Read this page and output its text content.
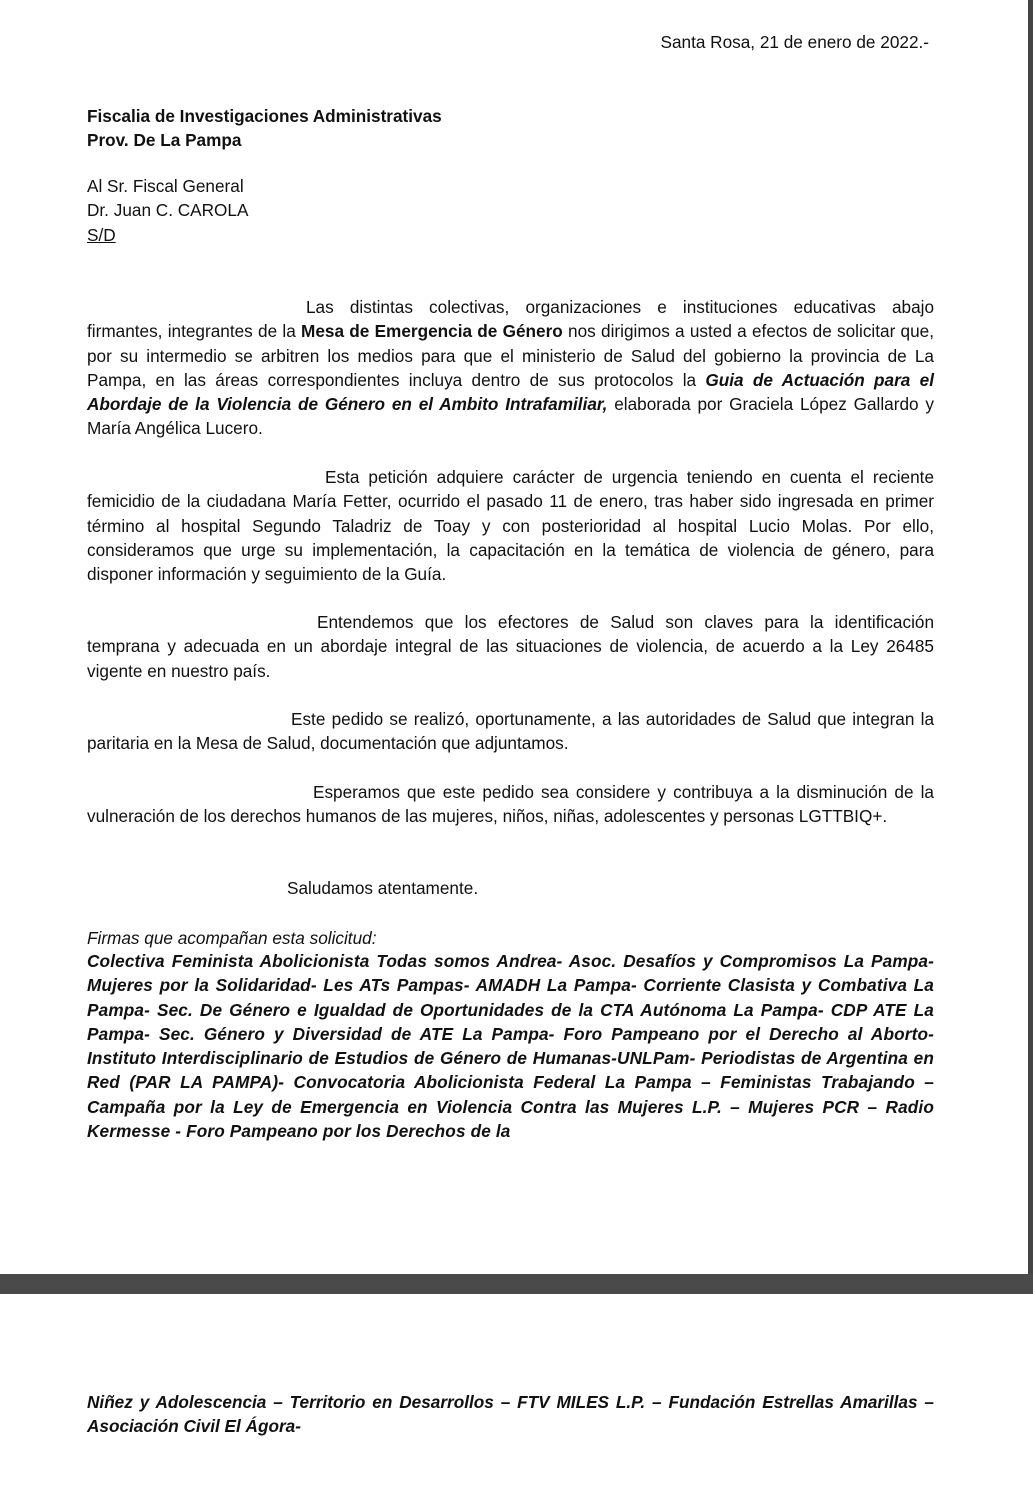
Santa Rosa, 21 de enero de 2022.-
Fiscalia de Investigaciones Administrativas
Prov. De La Pampa
Al Sr. Fiscal General
Dr. Juan C. CAROLA
S/D

Las distintas colectivas, organizaciones e instituciones educativas abajo firmantes, integrantes de la Mesa de Emergencia de Género nos dirigimos a usted a efectos de solicitar que, por su intermedio se arbitren los medios para que el ministerio de Salud del gobierno la provincia de La Pampa, en las áreas correspondientes incluya dentro de sus protocolos la Guia de Actuación para el Abordaje de la Violencia de Género en el Ambito Intrafamiliar, elaborada por Graciela López Gallardo y María Angélica Lucero.

Esta petición adquiere carácter de urgencia teniendo en cuenta el reciente femicidio de la ciudadana María Fetter, ocurrido el pasado 11 de enero, tras haber sido ingresada en primer término al hospital Segundo Taladriz de Toay y con posterioridad al hospital Lucio Molas. Por ello, consideramos que urge su implementación, la capacitación en la temática de violencia de género, para disponer información y seguimiento de la Guía.

Entendemos que los efectores de Salud son claves para la identificación temprana y adecuada en un abordaje integral de las situaciones de violencia, de acuerdo a la Ley 26485 vigente en nuestro país.

Este pedido se realizó, oportunamente, a las autoridades de Salud que integran la paritaria en la Mesa de Salud, documentación que adjuntamos.

Esperamos que este pedido sea considere y contribuya a la disminución de la vulneración de los derechos humanos de las mujeres, niños, niñas, adolescentes y personas LGTTBIQ+.

Saludamos atentamente.

Firmas que acompañan esta solicitud:

Colectiva Feminista Abolicionista Todas somos Andrea- Asoc. Desafíos y Compromisos La Pampa- Mujeres por la Solidaridad- Les ATs Pampas- AMADH La Pampa- Corriente Clasista y Combativa La Pampa- Sec. De Género e Igualdad de Oportunidades de la CTA Autónoma La Pampa- CDP ATE La Pampa- Sec. Género y Diversidad de ATE La Pampa- Foro Pampeano por el Derecho al Aborto- Instituto Interdisciplinario de Estudios de Género de Humanas-UNLPam- Periodistas de Argentina en Red (PAR LA PAMPA)- Convocatoria Abolicionista Federal La Pampa – Feministas Trabajando – Campaña por la Ley de Emergencia en Violencia Contra las Mujeres L.P. – Mujeres PCR – Radio Kermesse - Foro Pampeano por los Derechos de la

Niñez y Adolescencia – Territorio en Desarrollos – FTV MILES L.P. – Fundación Estrellas Amarillas – Asociación Civil El Ágora-
